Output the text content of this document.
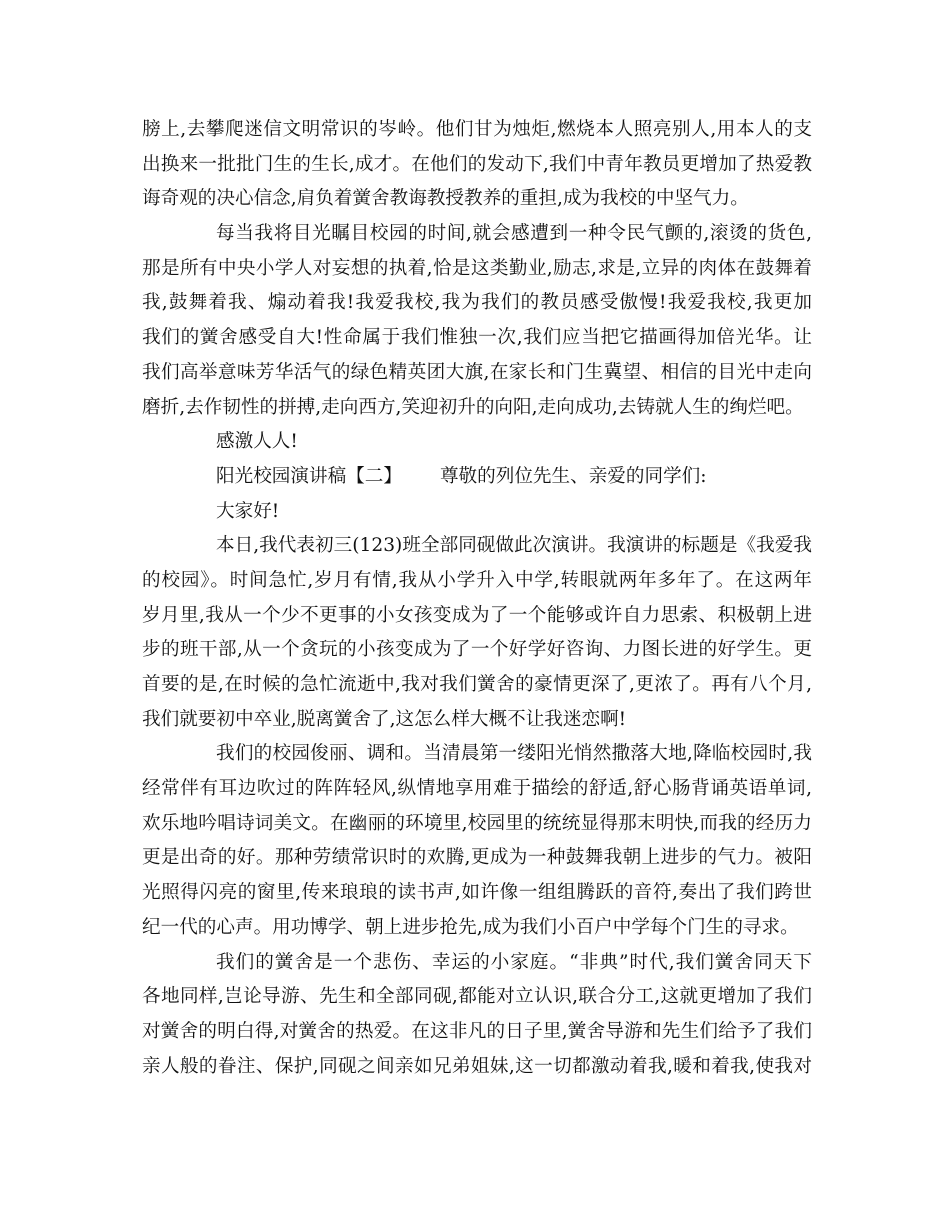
膀上,去攀爬迷信文明常识的岑岭。他们甘为烛炬,燃烧本人照亮别人,用本人的支
出换来一批批门生的生长,成才。在他们的发动下,我们中青年教员更增加了热爱教
诲奇观的决心信念,肩负着黉舍教诲教授教养的重担,成为我校的中坚气力。
每当我将目光瞩目校园的时间,就会感遭到一种令民气颤的,滚烫的货色,
那是所有中央小学人对妄想的执着,恰是这类勤业,励志,求是,立异的肉体在鼓舞着
我,鼓舞着我、煽动着我!我爱我校,我为我们的教员感受傲慢!我爱我校,我更加
我们的黉舍感受自大!性命属于我们惟独一次,我们应当把它描画得加倍光华。让
我们高举意味芳华活气的绿色精英团大旗,在家长和门生冀望、相信的目光中走向
磨折,去作韧性的拼搏,走向西方,笑迎初升的向阳,走向成功,去铸就人生的绚烂吧。
感激人人!
阳光校园演讲稿【二】 尊敬的列位先生、亲爱的同学们:
大家好!
本日,我代表初三(123)班全部同砚做此次演讲。我演讲的标题是《我爱我
的校园》。时间急忙,岁月有情,我从小学升入中学,转眼就两年多年了。在这两年
岁月里,我从一个少不更事的小女孩变成为了一个能够或许自力思索、积极朝上进
步的班干部,从一个贪玩的小孩变成为了一个好学好咨询、力图长进的好学生。更
首要的是,在时候的急忙流逝中,我对我们黉舍的豪情更深了,更浓了。再有八个月,
我们就要初中卒业,脱离黉舍了,这怎么样大概不让我迷恋啊!
我们的校园俊丽、调和。当清晨第一缕阳光悄然撒落大地,降临校园时,我
经常伴有耳边吹过的阵阵轻风,纵情地享用难于描绘的舒适,舒心肠背诵英语单词,
欢乐地吟唱诗词美文。在幽丽的环境里,校园里的统统显得那末明快,而我的经历力
更是出奇的好。那种劳绩常识时的欢腾,更成为一种鼓舞我朝上进步的气力。被阳
光照得闪亮的窗里,传来琅琅的读书声,如许像一组组腾跃的音符,奏出了我们跨世
纪一代的心声。用功博学、朝上进步抢先,成为我们小百户中学每个门生的寻求。
我们的黉舍是一个悲伤、幸运的小家庭。“非典”时代,我们黉舍同天下
各地同样,岂论导游、先生和全部同砚,都能对立认识,联合分工,这就更增加了我们
对黉舍的明白得,对黉舍的热爱。在这非凡的日子里,黉舍导游和先生们给予了我们
亲人般的眷注、保护,同砚之间亲如兄弟姐妹,这一切都激动着我,暖和着我,使我对
